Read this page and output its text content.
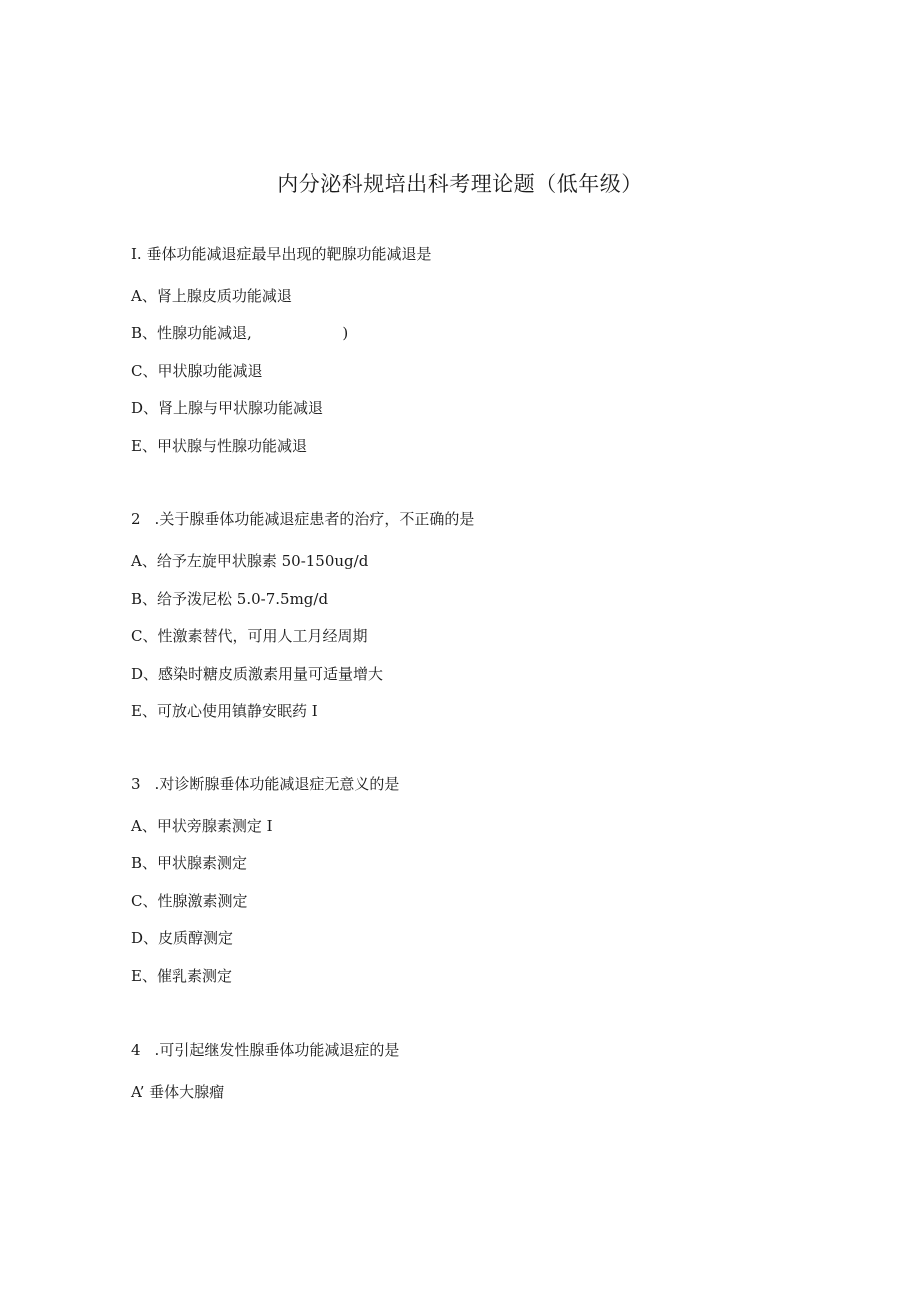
内分泌科规培出科考理论题（低年级）
I. 垂体功能减退症最早出现的靶腺功能减退是
A、肾上腺皮质功能减退
B、性腺功能减退,                   )
C、甲状腺功能减退
D、肾上腺与甲状腺功能减退
E、甲状腺与性腺功能减退
2 .关于腺垂体功能减退症患者的治疗，不正确的是
A、给予左旋甲状腺素 50-150ug/d
B、给予泼尼松 5.0-7.5mg/d
C、性激素替代，可用人工月经周期
D、感染时糖皮质激素用量可适量增大
E、可放心使用镇静安眠药 I
3 .对诊断腺垂体功能减退症无意义的是
A、甲状旁腺素测定 I
B、甲状腺素测定
C、性腺激素测定
D、皮质醇测定
E、催乳素测定
4 .可引起继发性腺垂体功能减退症的是
A’ 垂体大腺瘤
